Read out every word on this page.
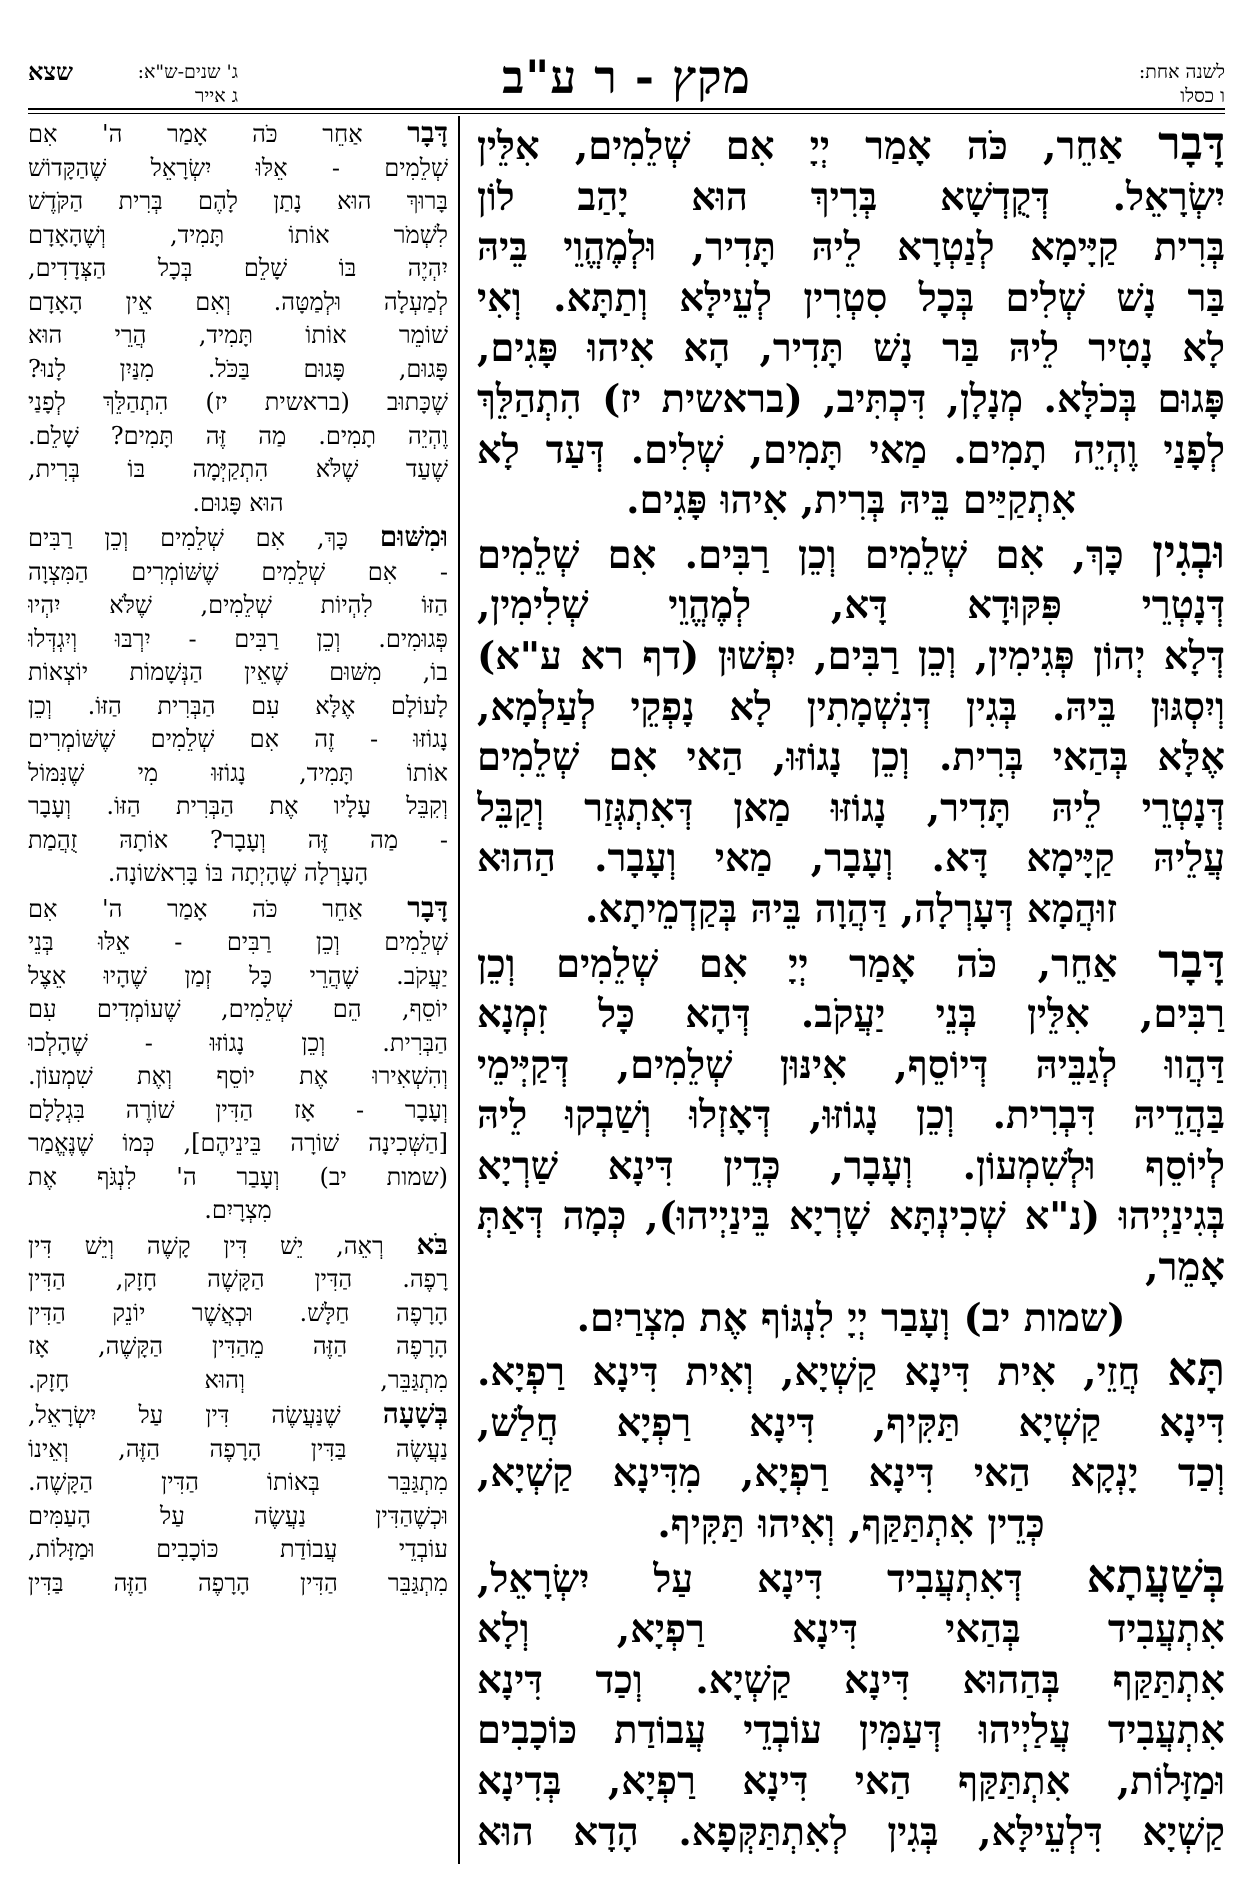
לשנה אחת:
ו כסלו
מקץ - ר ע"ב
שצא	ג' שנים-ש"א:
ג אייר

דָּבָר אַחֵר, כֹּה אָמַר יְיָ אִם שְׁלֵמִים, אִלֵּין

יִשְׂרָאֵל. דְּקֻדְשָׁא בְּרִיךְ הוּא יָהַב לוֹן

בְּרִית קַיָּימָא לְנַטְרָא לֵיהּ תָּדִיר, וּלְמֶהֱוֵי בֵּיהּ

בַּר נָשׁ שְׁלִים בְּכָל סִטְרִין לְעֵילָּא וְתַתָּא. וְאִי

לָא נָטִיר לֵיהּ בַּר נָשׁ תָּדִיר, הָא אִיהוּ פָּגִים,

פָּגוּם בְּכֹלָּא. מְנָלָן, דִּכְתִּיב, (בראשית יז) הִתְהַלֵּךְ

לְפָנַי וֶהְיֵה תָמִים. מַאי תָּמִים, שְׁלִים. דְּעַד לָא

אִתְקַיַּים בֵּיהּ בְּרִית, אִיהוּ פָּגִים.

וּבְגִין כָּךְ, אִם שְׁלֵמִים וְכֵן רַבִּים. אִם שְׁלֵמִים

דְּנָטְרֵי פִּקּוּדָא דָּא, לְמֶהֱוֵי שְׁלִימִין,

דְּלָא יְהוֹן פְּגִימִין, וְכֵן רַבִּים, יִפְשׁוּן (דף רא ע"א)

וְיִסְגּוּן בֵּיהּ. בְּגִין דְּנִשְׁמָתִין לָא נָפְקֵי לְעַלְמָא,

אֶלָּא בְּהַאי בְּרִית. וְכֵן נָגוֹזּוּ, הַאי אִם שְׁלֵמִים

דְּנָטְרֵי לֵיהּ תָּדִיר, נָגוֹזּוּ מַאן דְּאִתְגְּזַר וְקַבֵּל

עֲלֵיהּ קַיָּימָא דָּא. וְעָבָר, מַאי וְעָבָר. הַהוּא

זוּהֲמָא דְּעָרְלָה, דַּהֲוָה בֵּיהּ בְּקַדְמֵיתָא.

דָּבָר אַחֵר, כֹּה אָמַר יְיָ אִם שְׁלֵמִים וְכֵן

רַבִּים, אִלֵּין בְּנֵי יַעֲקֹב. דְּהָא כָּל זִמְנָא

דַּהֲווּ לְגַבֵּיהּ דְּיוֹסֵף, אִינּוּן שְׁלֵמִים, דְּקַיְּימֵי

בַּהֲדֵיהּ דִּבְרִית. וְכֵן נָגוֹזּוּ, דְּאָזְלוּ וְשַׁבְקוּ לֵיהּ

לְיוֹסֵף וּלְשִׁמְעוֹן. וְעָבָר, כְּדֵין דִּינָא שַׁרְיָא

בְּגִינַיְיהוּ (נ"א שְׁכִינְתָּא שָׁרְיָא בֵּינַיְיהוּ), כְּמָה דְּאַתְּ אָמֵר,

(שמות יב) וְעָבַר יְיָ לִנְגּוֹף אֶת מִצְרַיִם.

תָּא חֲזֵי, אִית דִּינָא קַשְׁיָא, וְאִית דִּינָא רַפְיָא.

דִּינָא קַשְׁיָא תַּקִּיף, דִּינָא רַפְיָא חֲלַשׁ,

וְכַד יָנְקָא הַאי דִּינָא רַפְיָא, מִדִּינָא קַשְׁיָא,

כְּדֵין אִתְתַּקַּף, וְאִיהוּ תַּקִּיף.

בְּשַׁעֲתָא דְּאִתְעֲבִיד דִּינָא עַל יִשְׂרָאֵל,

אִתְעֲבִיד בְּהַאי דִּינָא רַפְיָא, וְלָא

אִתְתַּקַּף בְּהַהוּא דִּינָא קַשְׁיָא. וְכַד דִּינָא

אִתְעֲבִיד עֲלַיְיהוּ דְּעַמִּין עוֹבְדֵי עֲבוֹדַת כּוֹכָבִים

וּמַזָּלוֹת, אִתְתַּקַּף הַאי דִּינָא רַפְיָא, בְּדִינָא

קַשְׁיָא דִּלְעֵילָּא, בְּגִין לְאִתְתַּקְּפָא. הָדָא הוּא

דָּבָר אַחֵר כֹּה אָמַר ה' אִם

שְׁלֵמִים - אֵלּוּ יִשְׂרָאֵל שֶׁהַקָּדוֹשׁ

בָּרוּךְ הוּא נָתַן לָהֶם בְּרִית הַקֹּדֶשׁ

לִשְׁמֹר אוֹתוֹ תָּמִיד, וְשֶׁהָאָדָם

יִהְיֶה בּוֹ שָׁלֵם בְּכָל הַצְּדָדִים,

לְמַעְלָה וּלְמַטָּה. וְאִם אֵין הָאָדָם

שׁוֹמֵר אוֹתוֹ תָּמִיד, הֲרֵי הוּא

פָּגוּם, פָּגוּם בַּכֹּל. מִנַּיִן לָנוּ?

שֶׁכָּתוּב (בראשית יז) הִתְהַלֵּךְ לְפָנַי

וֶהְיֵה תָמִים. מַה זֶּה תָּמִים? שָׁלֵם.

שֶׁעַד שֶׁלֹּא הִתְקַיְּמָה בּוֹ בְּרִית,

הוּא פָּגוּם.

וּמִשּׁוּם כָּךְ, אִם שְׁלֵמִים וְכֵן רַבִּים

- אִם שְׁלֵמִים שֶׁשּׁוֹמְרִים הַמִּצְוָה

הַזּוֹ לִהְיוֹת שְׁלֵמִים, שֶׁלֹּא יִהְיוּ

פְּגוּמִים. וְכֵן רַבִּים - יִרְבּוּ וְיִגְדְּלוּ

בוֹ, מִשּׁוּם שֶׁאֵין הַנְּשָׁמוֹת יוֹצְאוֹת

לָעוֹלָם אֶלָּא עִם הַבְּרִית הַזּוֹ. וְכֵן

נָגוֹזּוּ - זֶה אִם שְׁלֵמִים שֶׁשּׁוֹמְרִים

אוֹתוֹ תָּמִיד, נָגוֹזּוּ מִי שֶׁנִּמּוֹל

וְקִבֵּל עָלָיו אֶת הַבְּרִית הַזּוֹ. וְעָבָר

- מַה זֶּה וְעָבָר? אוֹתָהּ זֻהֲמַת

הָעָרְלָה שֶׁהָיְתָה בּוֹ בָּרִאשׁוֹנָה.

דָּבָר אַחֵר כֹּה אָמַר ה' אִם

שְׁלֵמִים וְכֵן רַבִּים - אֵלּוּ בְּנֵי

יַעֲקֹב. שֶׁהֲרֵי כָּל זְמַן שֶׁהָיוּ אֵצֶל

יוֹסֵף, הֵם שְׁלֵמִים, שֶׁעוֹמְדִים עִם

הַבְּרִית. וְכֵן נָגוֹזּוּ - שֶׁהָלְכוּ

וְהִשְׁאִירוּ אֶת יוֹסֵף וְאֶת שִׁמְעוֹן.

וְעָבָר - אָז הַדִּין שׁוֹרֶה בִּגְלָלָם

[הַשְּׁכִינָה שׁוֹרָה בֵּינֵיהֶם], כְּמוֹ שֶׁנֶּאֱמַר

(שמות יב) וְעָבַר ה' לִנְגֹּף אֶת

מִצְרָיִם.

בֹּא רְאֵה, יֵשׁ דִּין קָשֶׁה וְיֵשׁ דִּין

רָפֶה. הַדִּין הַקָּשֶׁה חָזָק, הַדִּין

הָרָפֶה חַלָּשׁ. וּכְאֲשֶׁר יוֹנֵק הַדִּין

הָרָפֶה הַזֶּה מֵהַדִּין הַקָּשֶׁה, אָז

מִתְגַּבֵּר, וְהוּא חָזָק.

בְּשָׁעָה שֶׁנַּעֲשֶׂה דִּין עַל יִשְׂרָאֵל,

נַעֲשֶׂה בַּדִּין הָרָפֶה הַזֶּה, וְאֵינוֹ

מִתְגַּבֵּר בְּאוֹתוֹ הַדִּין הַקָּשֶׁה.

וּכְשֶׁהַדִּין נַעֲשֶׂה עַל הָעַמִּים

עוֹבְדֵי עֲבוֹדַת כּוֹכָבִים וּמַזָּלוֹת,

מִתְגַּבֵּר הַדִּין הָרָפֶה הַזֶּה בַּדִּין
